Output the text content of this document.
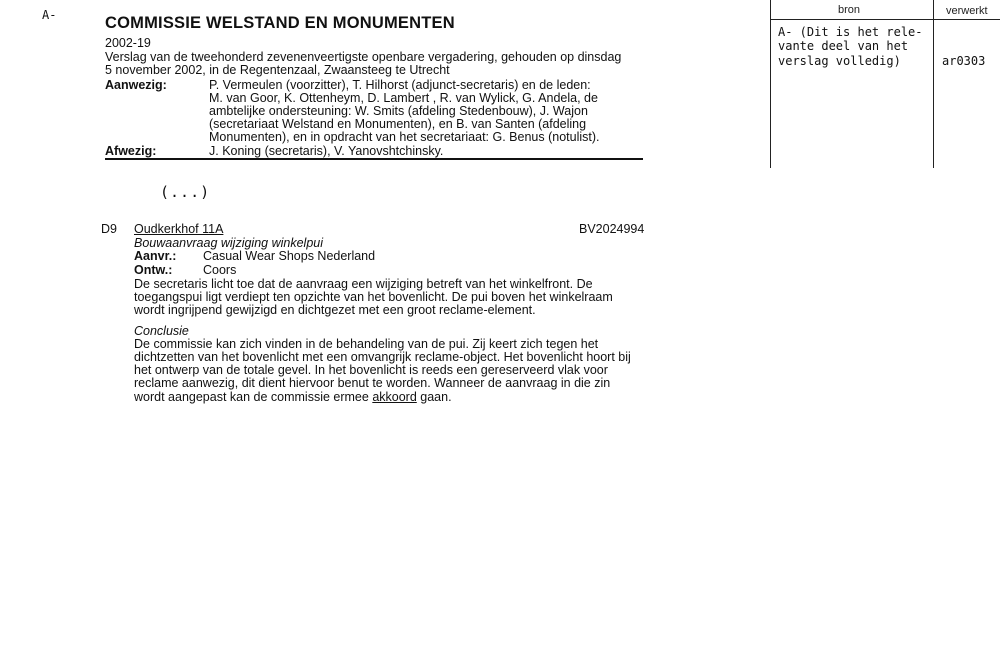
A-	COMMISSIE WELSTAND EN MONUMENTEN
2002-19
Verslag van de tweehonderd zevenenveertigste openbare vergadering, gehouden op dinsdag
5 november 2002, in de Regentenzaal, Zwaansteeg te Utrecht
Aanwezig:	P. Vermeulen (voorzitter), T. Hilhorst (adjunct-secretaris) en de leden:
M. van Goor, K. Ottenheym, D. Lambert , R. van Wylick, G. Andela, de
ambtelijke ondersteuning: W. Smits (afdeling Stedenbouw), J. Wajon
(secretariaat Welstand en Monumenten), en B. van Santen (afdeling
Monumenten), en in opdracht van het secretariaat: G. Benus (notulist).
Afwezig:	J. Koning (secretaris), V. Yanovshtchinsky.
(...)
D9 Oudkerkhof 11A	BV2024994
Bouwaanvraag wijziging winkelpui
Aanvr.: Casual Wear Shops Nederland
Ontw.: Coors
De secretaris licht toe dat de aanvraag een wijziging betreft van het winkelfront. De
toegangspui ligt verdiept ten opzichte van het bovenlicht. De pui boven het winkelraam
wordt ingrijpend gewijzigd en dichtgezet met een groot reclame-element.
Conclusie
De commissie kan zich vinden in de behandeling van de pui. Zij keert zich tegen het
dichtzetten van het bovenlicht met een omvangrijk reclame-object. Het bovenlicht hoort bij
het ontwerp van de totale gevel. In het bovenlicht is reeds een gereserveerd vlak voor
reclame aanwezig, dit dient hiervoor benut te worden. Wanneer de aanvraag in die zin
wordt aangepast kan de commissie ermee akkoord gaan.
bron	verwerkt
A- (Dit is het rele-
vante deel van het
verslag volledig)	ar0303
